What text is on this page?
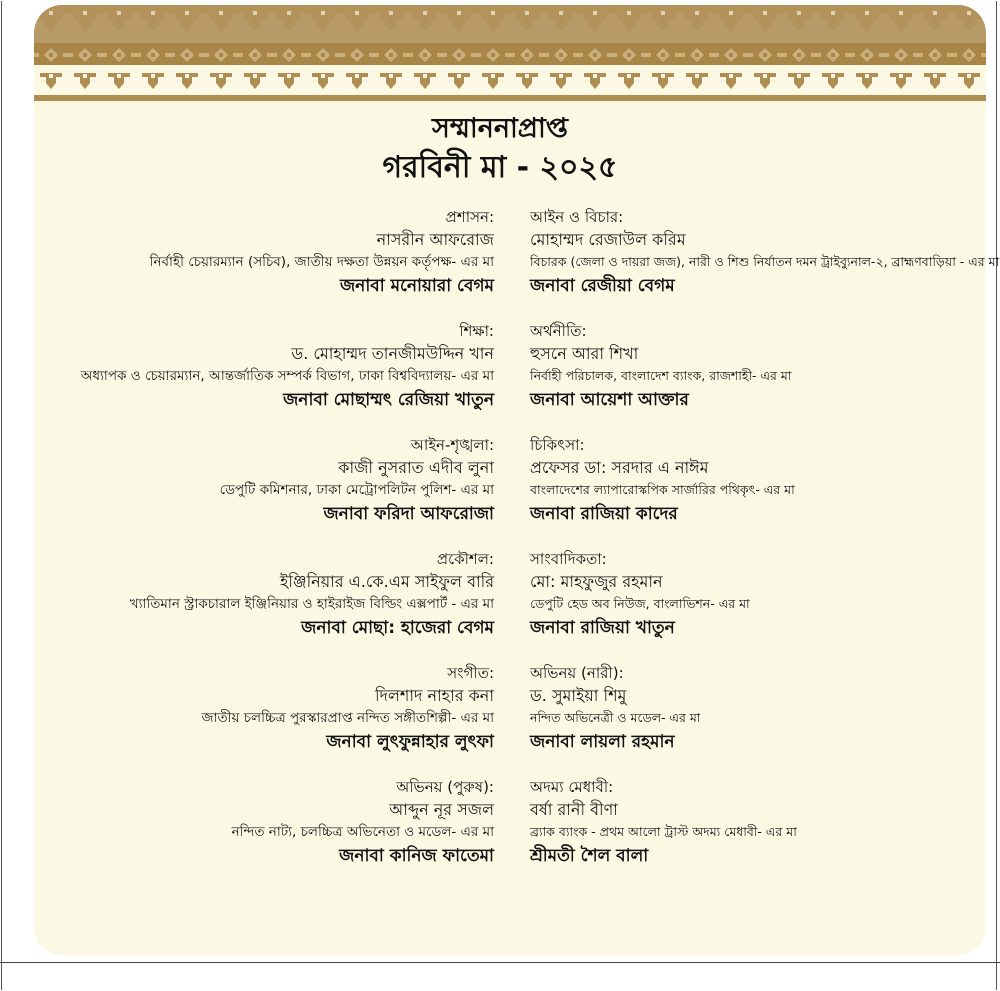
সম্মাননাপ্রাপ্ত
গরবিনী মা - ২০২৫
প্রশাসন:
নাসরীন আফরোজ
নির্বাহী চেয়ারম্যান (সচিব), জাতীয় দক্ষতা উন্নয়ন কর্তৃপক্ষ- এর মা
জনাবা মনোয়ারা বেগম
শিক্ষা:
ড. মোহাম্মদ তানজীমউদ্দিন খান
অধ্যাপক ও চেয়ারম্যান, আন্তর্জাতিক সম্পর্ক বিভাগ, ঢাকা বিশ্ববিদ্যালয়- এর মা
জনাবা মোছাম্মৎ রেজিয়া খাতুন
আইন-শৃঙ্খলা:
কাজী নুসরাত এদীব লুনা
ডেপুটি কমিশনার, ঢাকা মেট্রোপলিটন পুলিশ- এর মা
জনাবা ফরিদা আফরোজা
প্রকৌশল:
ইঞ্জিনিয়ার এ.কে.এম সাইফুল বারি
খ্যাতিমান স্ট্রাকচারাল ইঞ্জিনিয়ার ও হাইরাইজ বিল্ডিং এক্সপার্ট - এর মা
জনাবা মোছা: হাজেরা বেগম
সংগীত:
দিলশাদ নাহার কনা
জাতীয় চলচ্চিত্র পুরস্কারপ্রাপ্ত নন্দিত সঙ্গীতশিল্পী- এর মা
জনাবা লুৎফুন্নাহার লুৎফা
অভিনয় (পুরুষ):
আব্দুন নূর সজল
নন্দিত নাট্য, চলচ্চিত্র অভিনেতা ও মডেল- এর মা
জনাবা কানিজ ফাতেমা
আইন ও বিচার:
মোহাম্মদ রেজাউল করিম
বিচারক (জেলা ও দায়রা জজ), নারী ও শিশু নির্যাতন দমন ট্রাইব্যুনাল-২, ব্রাহ্মণবাড়িয়া - এর মা
জনাবা রেজীয়া বেগম
অর্থনীতি:
হুসনে আরা শিখা
নির্বাহী পরিচালক, বাংলাদেশ ব্যাংক, রাজশাহী- এর মা
জনাবা আয়েশা আক্তার
চিকিৎসা:
প্রফেসর ডা: সরদার এ নাঈম
বাংলাদেশের ল্যাপারোস্কপিক সার্জারির পথিকৃৎ- এর মা
জনাবা রাজিয়া কাদের
সাংবাদিকতা:
মো: মাহফুজুর রহমান
ডেপুটি হেড অব নিউজ, বাংলাভিশন- এর মা
জনাবা রাজিয়া খাতুন
অভিনয় (নারী):
ড. সুমাইয়া শিমু
নন্দিত অভিনেত্রী ও মডেল- এর মা
জনাবা লায়লা রহমান
অদম্য মেধাবী:
বর্ষা রানী বীণা
ব্র্যাক ব্যাংক - প্রথম আলো ট্রাস্ট অদম্য মেধাবী- এর মা
শ্রীমতী শৈল বালা
